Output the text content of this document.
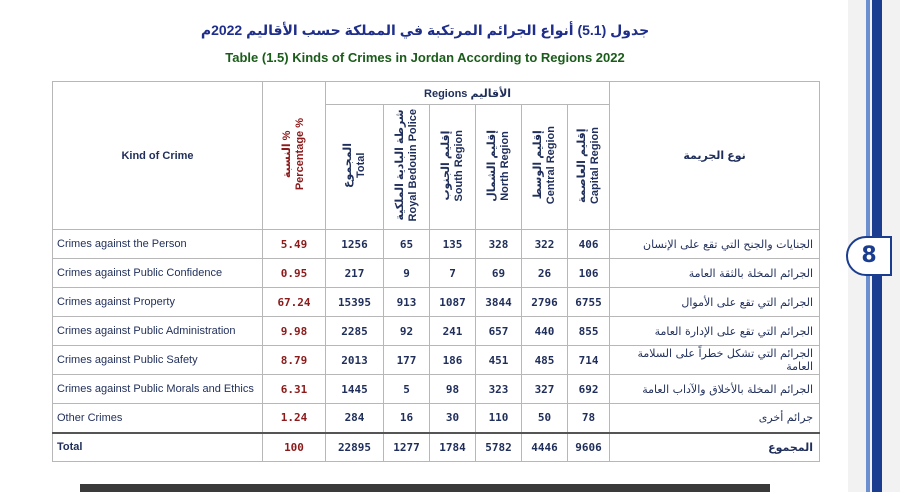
جدول (5.1) أنواع الجرائم المرتكبة في المملكة حسب الأقاليم 2022م
Table (1.5) Kinds of Crimes in Jordan According to Regions 2022
8
Kind of Crime	النسبة % Percentage %	Regions الأقاليم						نوع الجريمة

		المجموع Total	شرطة البادية الملكية Royal Bedouin Police	إقليم الجنوب South Region	إقليم الشمال North Region	إقليم الوسط Central Region	إقليم العاصمة Capital Region	

Crimes against the Person	5.49	1256	65	135	328	322	406	الجنايات والجنح التي تقع على الإنسان
Crimes against Public Confidence	0.95	217	9	7	69	26	106	الجرائم المخلة بالثقة العامة
Crimes against Property	67.24	15395	913	1087	3844	2796	6755	الجرائم التي تقع على الأموال
Crimes against Public Administration	9.98	2285	92	241	657	440	855	الجرائم التي تقع على الإدارة العامة
Crimes against Public Safety	8.79	2013	177	186	451	485	714	الجرائم التي تشكل خطراً على السلامة العامة
Crimes against Public Morals and Ethics	6.31	1445	5	98	323	327	692	الجرائم المخلة بالأخلاق والآداب العامة
Other Crimes	1.24	284	16	30	110	50	78	جرائم أخرى
Total	100	22895	1277	1784	5782	4446	9606	المجموع
